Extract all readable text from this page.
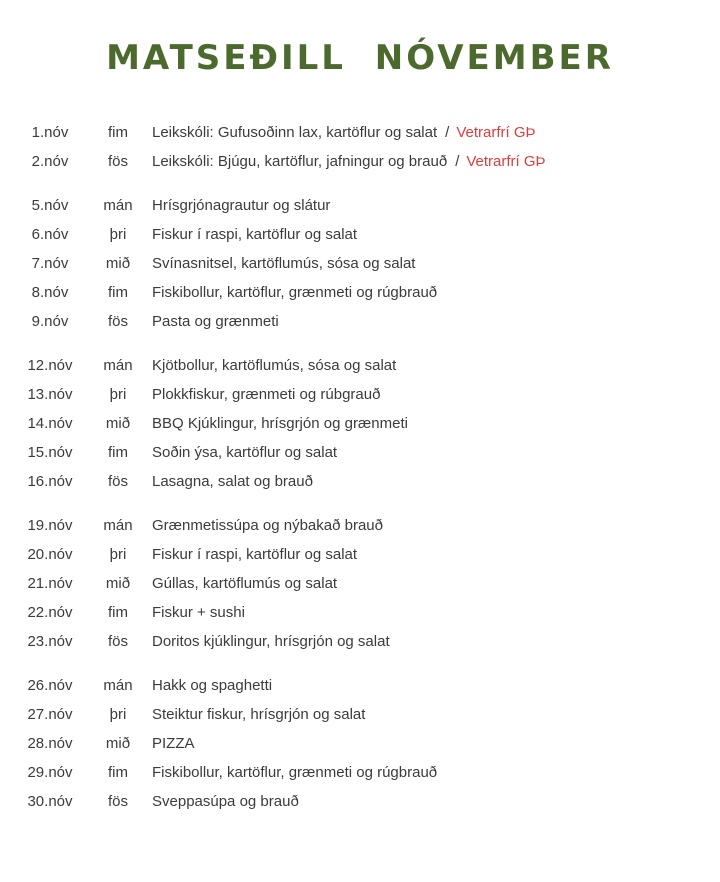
MATSEÐILL NÓVEMBER
1.nóv	fim	Leikskóli: Gufusoðinn lax, kartöflur og salat / Vetrarfrí GÞ
2.nóv	fös	Leikskóli: Bjúgu, kartöflur, jafningur og brauð / Vetrarfrí GÞ
5.nóv	mán	Hrísgrjónagrautur og slátur
6.nóv	þri	Fiskur í raspi, kartöflur og salat
7.nóv	mið	Svínasnitsel, kartöflumús, sósa og salat
8.nóv	fim	Fiskibollur, kartöflur, grænmeti og rúgbrauð
9.nóv	fös	Pasta og grænmeti
12.nóv	mán	Kjötbollur, kartöflumús, sósa og salat
13.nóv	þri	Plokkfiskur, grænmeti og rúbgrauð
14.nóv	mið	BBQ Kjúklingur, hrísgrjón og grænmeti
15.nóv	fim	Soðin ýsa, kartöflur og salat
16.nóv	fös	Lasagna, salat og brauð
19.nóv	mán	Grænmetissúpa og nýbakað brauð
20.nóv	þri	Fiskur í raspi, kartöflur og salat
21.nóv	mið	Gúllas, kartöflumús og salat
22.nóv	fim	Fiskur + sushi
23.nóv	fös	Doritos kjúklingur, hrísgrjón og salat
26.nóv	mán	Hakk og spaghetti
27.nóv	þri	Steiktur fiskur, hrísgrjón og salat
28.nóv	mið	PIZZA
29.nóv	fim	Fiskibollur, kartöflur, grænmeti og rúgbrauð
30.nóv	fös	Sveppasúpa og brauð
